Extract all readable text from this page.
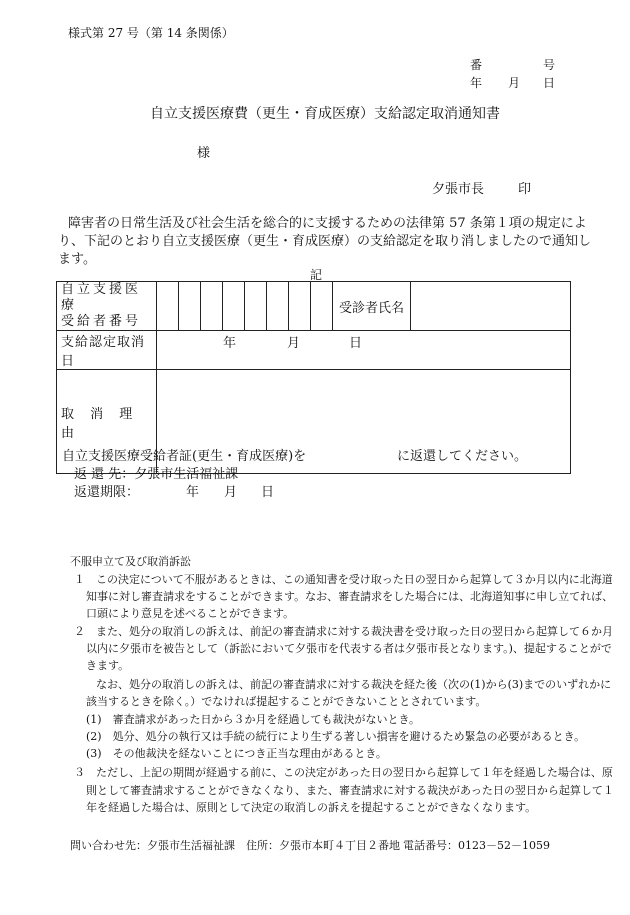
様式第 27 号（第 14 条関係）
番	号
年 月 日
自立支援医療費（更生・育成医療）支給認定取消通知書
様
夕張市長	印
障害者の日常生活及び社会生活を総合的に支援するための法律第 57 条第１項の規定によ
り、下記のとおり自立支援医療（更生・育成医療）の支給認定を取り消しましたので通知し
ます。
記
自立支援医療
受給者番号									受診者氏名	
支給認定取消日	年 月 日									

取 消 理 由										
自立支援医療受給者証(更生・育成医療)を	に返還してください。
返 還 先：夕張市生活福祉課
返還期限：	年 月 日
不服申立て及び取消訴訟
１　この決定について不服があるときは、この通知書を受け取った日の翌日から起算して３か月以内に北海道
知事に対し審査請求をすることができます。なお、審査請求をした場合には、北海道知事に申し立てれば、
口頭により意見を述べることができます。
２　また、処分の取消しの訴えは、前記の審査請求に対する裁決書を受け取った日の翌日から起算して６か月
以内に夕張市を被告として（訴訟において夕張市を代表する者は夕張市長となります。)、提起することがで
きます。
なお、処分の取消しの訴えは、前記の審査請求に対する裁決を経た後（次の(1)から(3)までのいずれかに
該当するときを除く。）でなければ提起することができないこととされています。
(1)　審査請求があった日から３か月を経過しても裁決がないとき。
(2)　処分、処分の執行又は手続の続行により生ずる著しい損害を避けるため緊急の必要があるとき。
(3)　その他裁決を経ないことにつき正当な理由があるとき。
３　ただし、上記の期間が経過する前に、この決定があった日の翌日から起算して１年を経過した場合は、原
則として審査請求することができなくなり、また、審査請求に対する裁決があった日の翌日から起算して１
年を経過した場合は、原則として決定の取消しの訴えを提起することができなくなります。
問い合わせ先：夕張市生活福祉課 住所：夕張市本町４丁目２番地 電話番号：0123－52－1059
